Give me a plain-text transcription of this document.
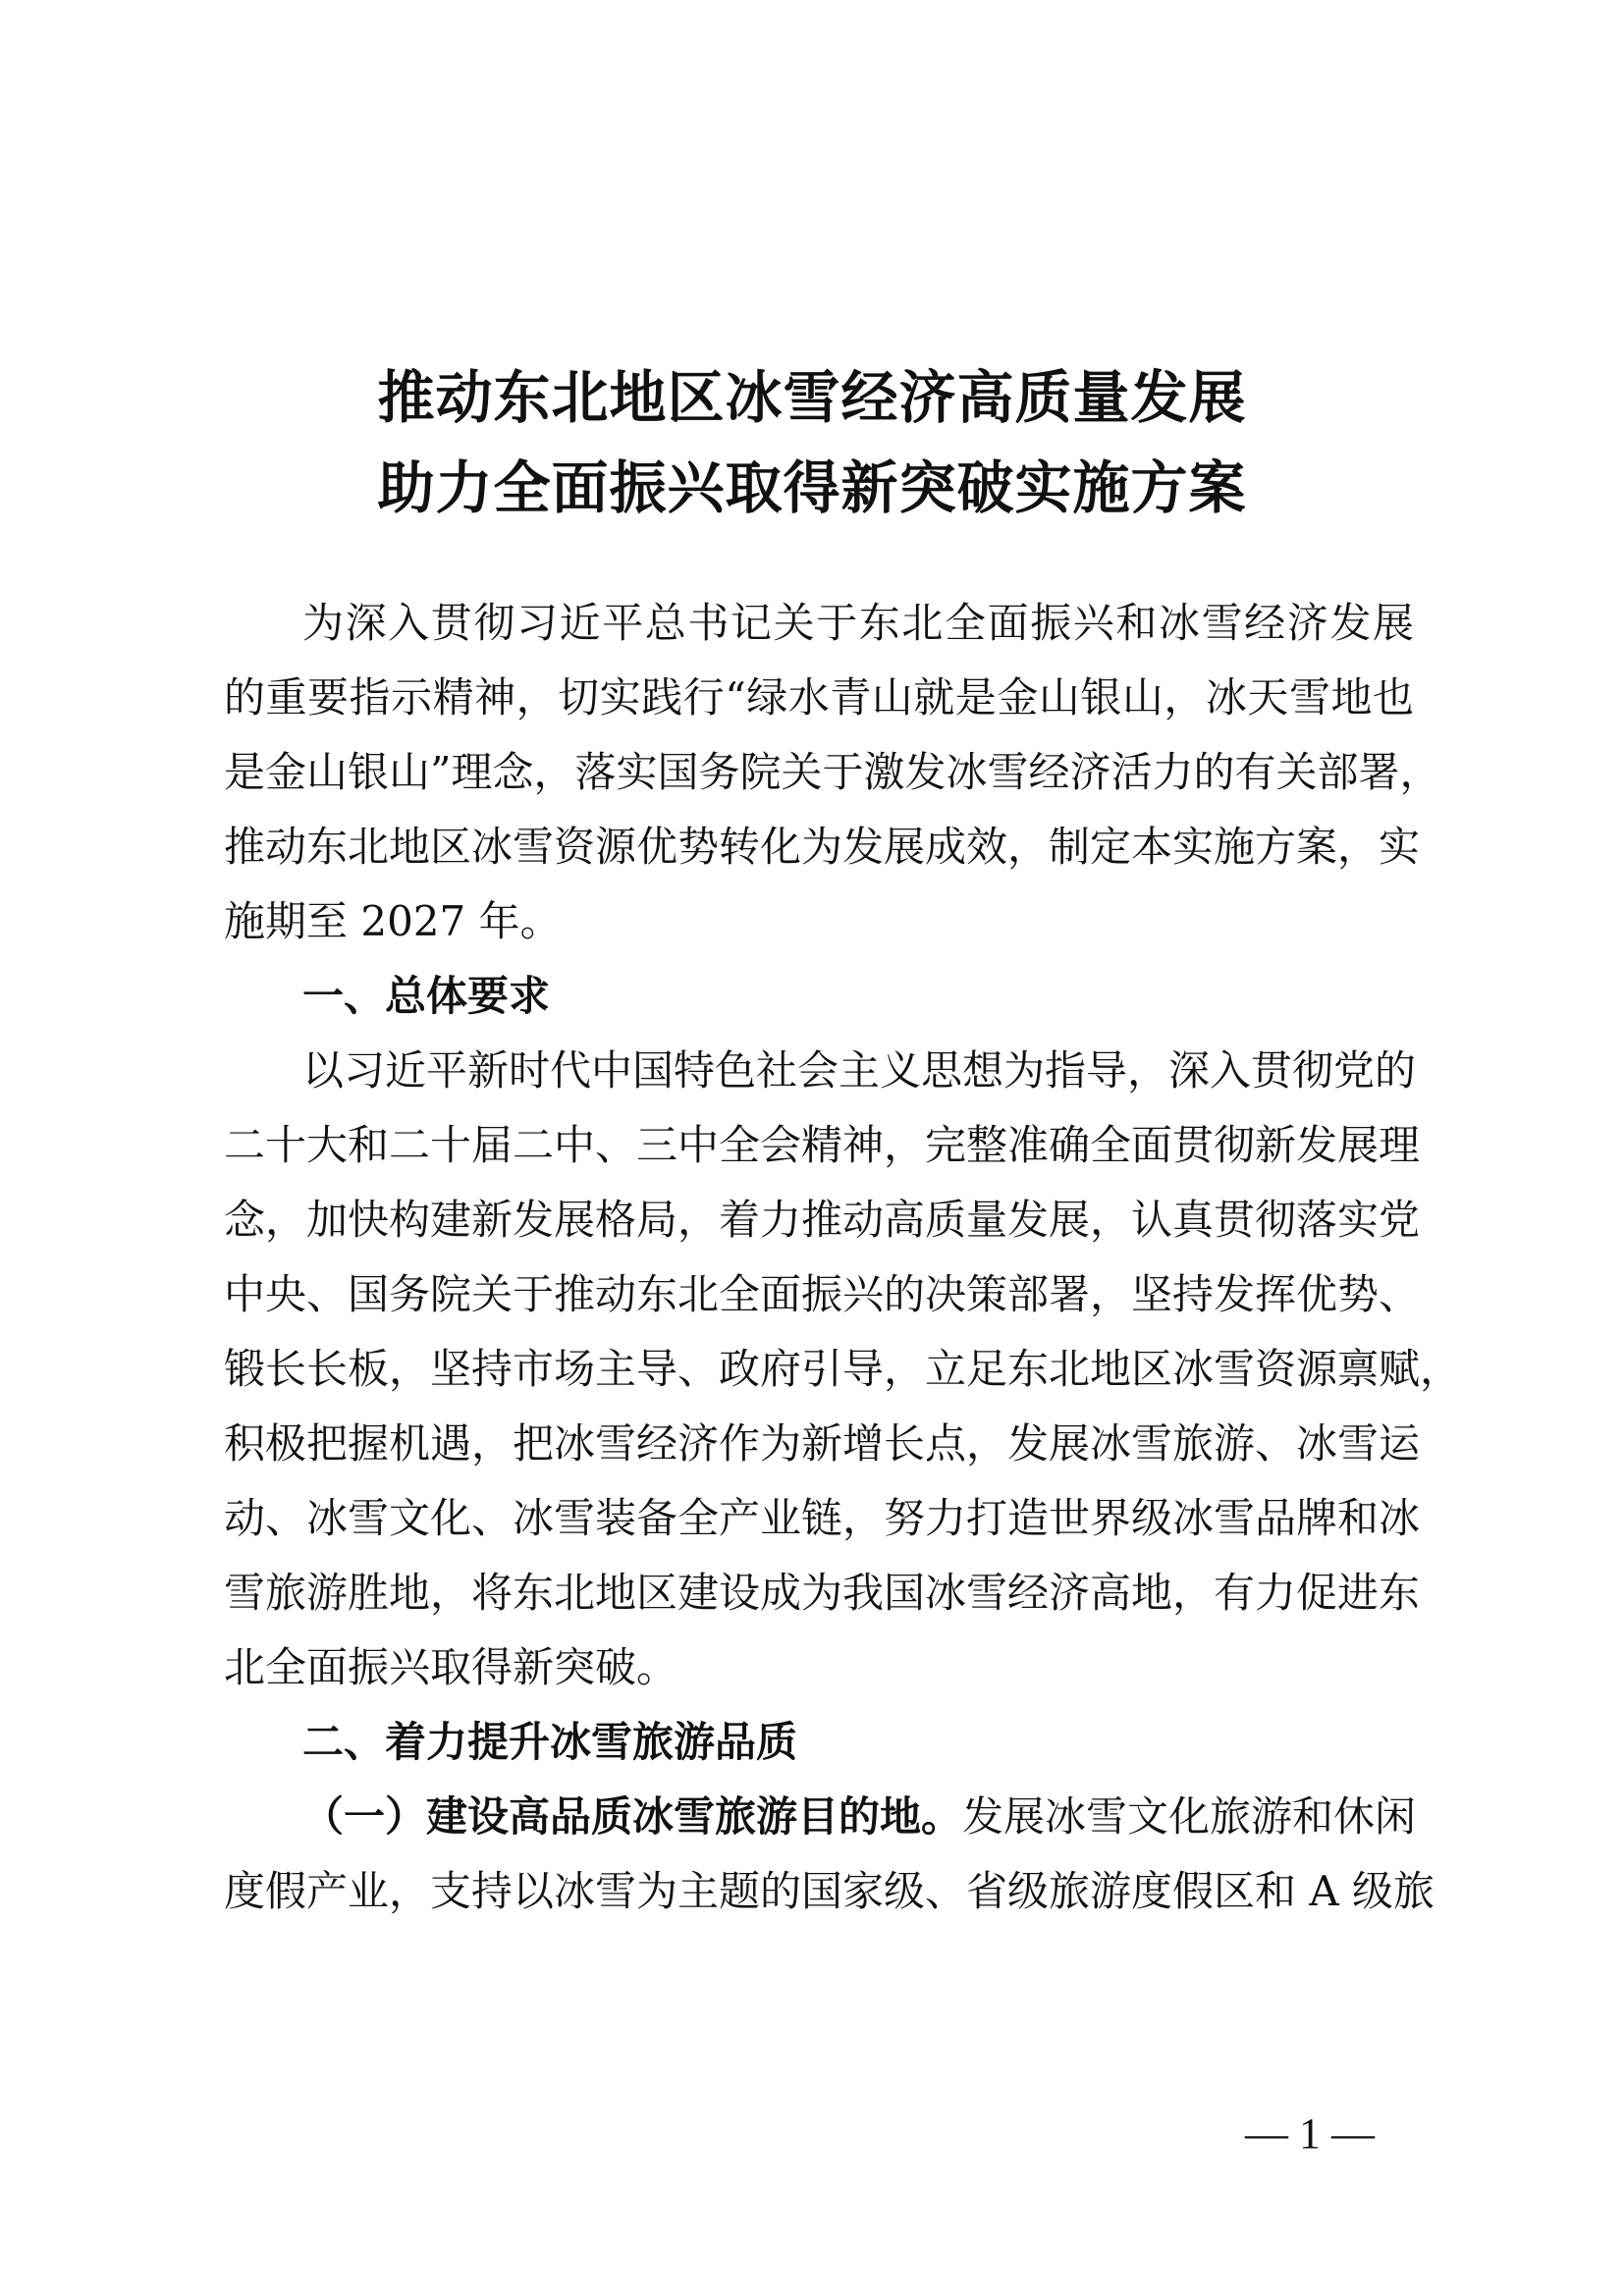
推动东北地区冰雪经济高质量发展
助力全面振兴取得新突破实施方案
为深入贯彻习近平总书记关于东北全面振兴和冰雪经济发展
的重要指示精神，切实践行“绿水青山就是金山银山，冰天雪地也
是金山银山”理念，落实国务院关于激发冰雪经济活力的有关部署，
推动东北地区冰雪资源优势转化为发展成效，制定本实施方案，实
施期至 2027 年。
一、总体要求
以习近平新时代中国特色社会主义思想为指导，深入贯彻党的
二十大和二十届二中、三中全会精神，完整准确全面贯彻新发展理
念，加快构建新发展格局，着力推动高质量发展，认真贯彻落实党
中央、国务院关于推动东北全面振兴的决策部署，坚持发挥优势、
锻长长板，坚持市场主导、政府引导，立足东北地区冰雪资源禀赋，
积极把握机遇，把冰雪经济作为新增长点，发展冰雪旅游、冰雪运
动、冰雪文化、冰雪装备全产业链，努力打造世界级冰雪品牌和冰
雪旅游胜地，将东北地区建设成为我国冰雪经济高地，有力促进东
北全面振兴取得新突破。
二、着力提升冰雪旅游品质
（一）建设高品质冰雪旅游目的地。发展冰雪文化旅游和休闲
度假产业，支持以冰雪为主题的国家级、省级旅游度假区和 A 级旅
— 1 —
